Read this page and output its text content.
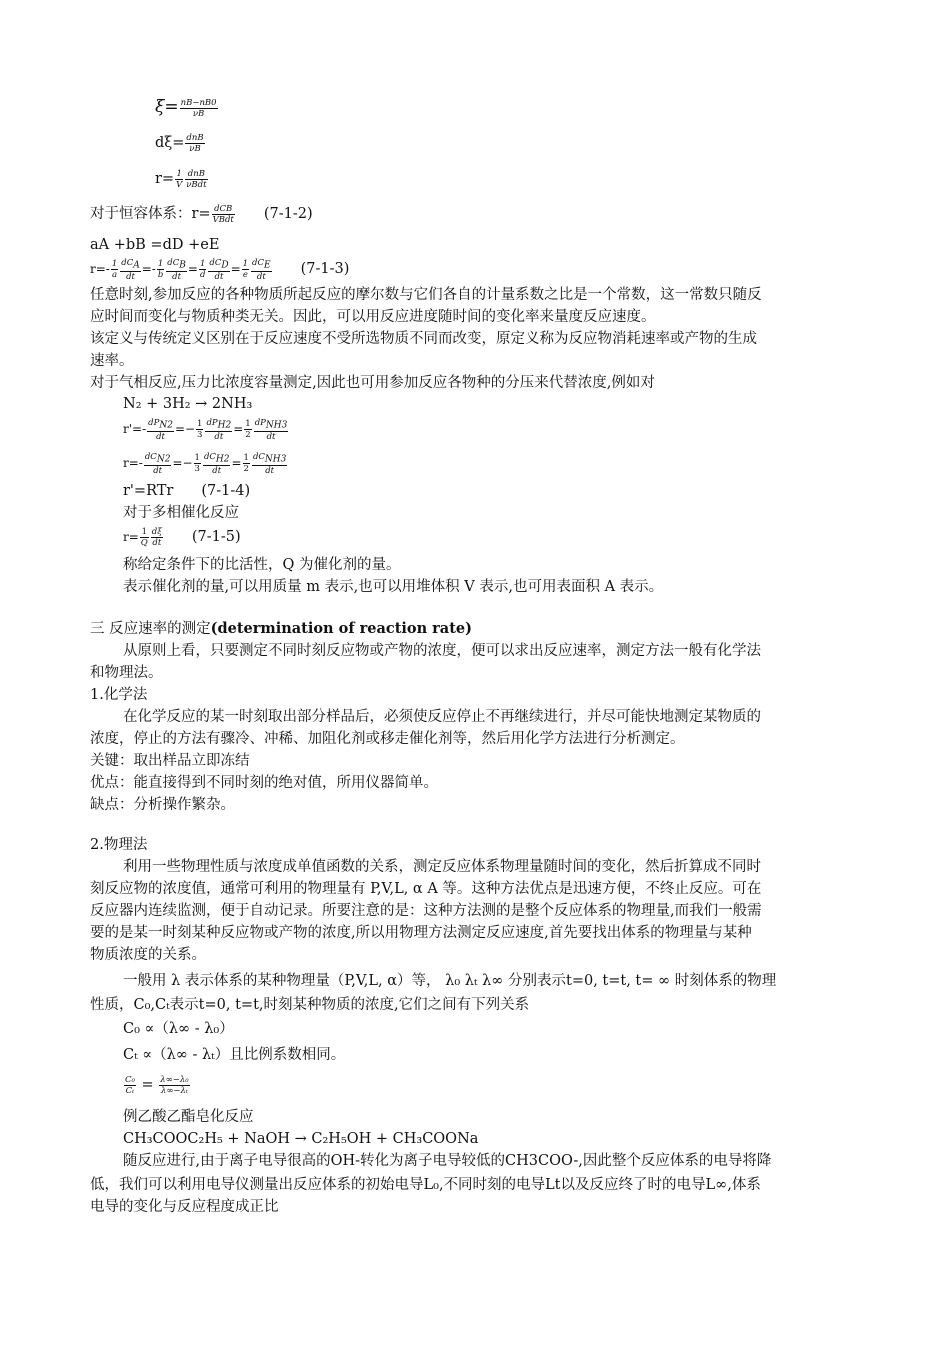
$\xi= \frac{nB-nB0}{\nu B}$
$d\xi= \frac{\text{dnB}}{\nu B}$
$r= \frac{1}{V} \frac{\text{dnB}}{\text{νBdt}}$
对于恒容体系：$r= \frac{\text{dCB}}{\text{VBdt}} (7-1-2)$
aA +bB =dD +eE
$r=- \frac{1}{a} \frac{dC_A}{dt} =- \frac{1}{b} \frac{dC_B}{dt} = \frac{1}{d} \frac{dC_D}{dt} = \frac{1}{e} \frac{dC_E}{dt} (7-1-3)$
任意时刻,参加反应的各种物质所起反应的摩尔数与它们各自的计量系数之比是一个常数，这一常数只随反
应时间而变化与物质种类无关。因此，可以用反应进度随时间的变化率来量度反应速度。
该定义与传统定义区别在于反应速度不受所选物质不同而改变，原定义称为反应物消耗速率或产物的生成
速率。
对于气相反应,压力比浓度容量测定,因此也可用参加反应各物种的分压来代替浓度,例如对
N₂ + 3H₂ → 2NH₃
$r'=- \frac{dP_{N2}}{dt} =- \frac{1}{3} \frac{dP_{H2}}{dt} = \frac{1}{2} \frac{dP_{NH3}}{dt}$
$r=- \frac{dC_{N2}}{dt} =- \frac{1}{3} \frac{dC_{H2}}{dt} = \frac{1}{2} \frac{dC_{NH3}}{dt}$
r'=RTr (7-1-4)
对于多相催化反应
$r= \frac{1}{Q} \frac{d\xi}{dt} (7-1-5)$
称给定条件下的比活性，Q 为催化剂的量。
表示催化剂的量,可以用质量 m 表示,也可以用堆体积 V 表示,也可用表面积 A 表示。
三 反应速率的测定(determination of reaction rate)
从原则上看，只要测定不同时刻反应物或产物的浓度，便可以求出反应速率，测定方法一般有化学法
和物理法。
1.化学法
在化学反应的某一时刻取出部分样品后，必须使反应停止不再继续进行，并尽可能快地测定某物质的
浓度，停止的方法有骤冷、冲稀、加阻化剂或移走催化剂等，然后用化学方法进行分析测定。
关键：取出样品立即冻结
优点：能直接得到不同时刻的绝对值，所用仪器简单。
缺点：分析操作繁杂。
2.物理法
利用一些物理性质与浓度成单值函数的关系，测定反应体系物理量随时间的变化，然后折算成不同时
刻反应物的浓度值，通常可利用的物理量有 P,V,L, α A 等。这种方法优点是迅速方便，不终止反应。可在
反应器内连续监测，便于自动记录。所要注意的是：这种方法测的是整个反应体系的物理量,而我们一般需
要的是某一时刻某种反应物或产物的浓度,所以用物理方法测定反应速度,首先要找出体系的物理量与某种
物质浓度的关系。
一般用 λ 表示体系的某种物理量（P,V,L, α）等， λ₀ λₜ λ∞ 分别表示t=0, t=t, t= ∞ 时刻体系的物理
性质，C₀,Cₜ表示t=0, t=t,时刻某种物质的浓度,它们之间有下列关系
C₀ ∝（λ∞ - λ₀）
Cₜ ∝（λ∞ - λₜ）且比例系数相同。
$\frac{\text{C₀}}{\text{Cₜ}} = \frac{\text{λ∞−λ₀}}{\text{λ∞−λₜ}}$
例乙酸乙酯皂化反应
CH₃COOC₂H₅ + NaOH → C₂H₅OH + CH₃COONa
随反应进行,由于离子电导很高的OH-转化为离子电导较低的CH3COO-,因此整个反应体系的电导将降
低，我们可以利用电导仪测量出反应体系的初始电导L₀,不同时刻的电导Lt以及反应终了时的电导L∞,体系
电导的变化与反应程度成正比
